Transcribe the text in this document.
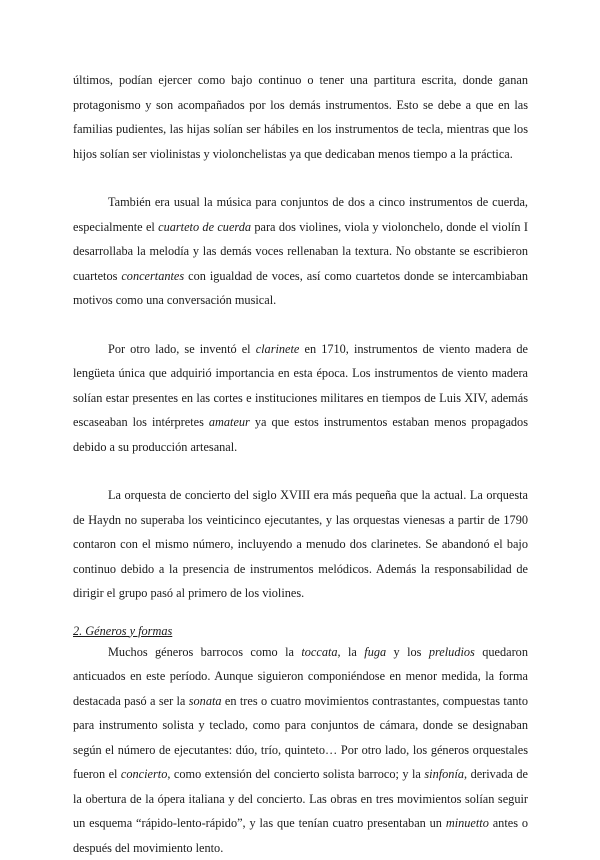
últimos, podían ejercer como bajo continuo o tener una partitura escrita, donde ganan protagonismo y son acompañados por los demás instrumentos. Esto se debe a que en las familias pudientes, las hijas solían ser hábiles en los instrumentos de tecla, mientras que los hijos solían ser violinistas y violonchelistas ya que dedicaban menos tiempo a la práctica.

También era usual la música para conjuntos de dos a cinco instrumentos de cuerda, especialmente el cuarteto de cuerda para dos violines, viola y violonchelo, donde el violín I desarrollaba la melodía y las demás voces rellenaban la textura. No obstante se escribieron cuartetos concertantes con igualdad de voces, así como cuartetos donde se intercambiaban motivos como una conversación musical.

Por otro lado, se inventó el clarinete en 1710, instrumentos de viento madera de lengüeta única que adquirió importancia en esta época. Los instrumentos de viento madera solían estar presentes en las cortes e instituciones militares en tiempos de Luis XIV, además escaseaban los intérpretes amateur ya que estos instrumentos estaban menos propagados debido a su producción artesanal.

La orquesta de concierto del siglo XVIII era más pequeña que la actual. La orquesta de Haydn no superaba los veinticinco ejecutantes, y las orquestas vienesas a partir de 1790 contaron con el mismo número, incluyendo a menudo dos clarinetes. Se abandonó el bajo continuo debido a la presencia de instrumentos melódicos. Además la responsabilidad de dirigir el grupo pasó al primero de los violines.

2. Géneros y formas

Muchos géneros barrocos como la toccata, la fuga y los preludios quedaron anticuados en este período. Aunque siguieron componiéndose en menor medida, la forma destacada pasó a ser la sonata en tres o cuatro movimientos contrastantes, compuestas tanto para instrumento solista y teclado, como para conjuntos de cámara, donde se designaban según el número de ejecutantes: dúo, trío, quinteto… Por otro lado, los géneros orquestales fueron el concierto, como extensión del concierto solista barroco; y la sinfonía, derivada de la obertura de la ópera italiana y del concierto. Las obras en tres movimientos solían seguir un esquema “rápido-lento-rápido”, y las que tenían cuatro presentaban un minuetto antes o después del movimiento lento.
